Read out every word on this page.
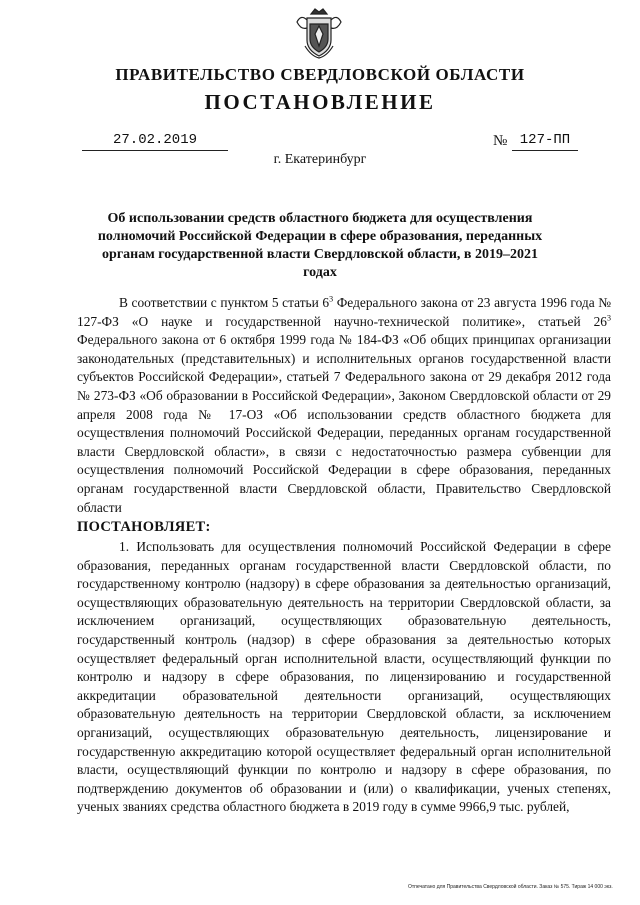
ПРАВИТЕЛЬСТВО СВЕРДЛОВСКОЙ ОБЛАСТИ
ПОСТАНОВЛЕНИЕ
27.02.2019	№ 127-ПП
г. Екатеринбург
Об использовании средств областного бюджета для осуществления полномочий Российской Федерации в сфере образования, переданных органам государственной власти Свердловской области, в 2019–2021 годах
В соответствии с пунктом 5 статьи $6^3$ Федерального закона от 23 августа 1996 года № 127-ФЗ «О науке и государственной научно-технической политике», статьей $26^3$ Федерального закона от 6 октября 1999 года № 184-ФЗ «Об общих принципах организации законодательных (представительных) и исполнительных органов государственной власти субъектов Российской Федерации», статьей 7 Федерального закона от 29 декабря 2012 года № 273-ФЗ «Об образовании в Российской Федерации», Законом Свердловской области от 29 апреля 2008 года № 17-ОЗ «Об использовании средств областного бюджета для осуществления полномочий Российской Федерации, переданных органам государственной власти Свердловской области», в связи с недостаточностью размера субвенции для осуществления полномочий Российской Федерации в сфере образования, переданных органам государственной власти Свердловской области, Правительство Свердловской области
ПОСТАНОВЛЯЕТ:
1. Использовать для осуществления полномочий Российской Федерации в сфере образования, переданных органам государственной власти Свердловской области, по государственному контролю (надзору) в сфере образования за деятельностью организаций, осуществляющих образовательную деятельность на территории Свердловской области, за исключением организаций, осуществляющих образовательную деятельность, государственный контроль (надзор) в сфере образования за деятельностью которых осуществляет федеральный орган исполнительной власти, осуществляющий функции по контролю и надзору в сфере образования, по лицензированию и государственной аккредитации образовательной деятельности организаций, осуществляющих образовательную деятельность на территории Свердловской области, за исключением организаций, осуществляющих образовательную деятельность, лицензирование и государственную аккредитацию которой осуществляет федеральный орган исполнительной власти, осуществляющий функции по контролю и надзору в сфере образования, по подтверждению документов об образовании и (или) о квалификации, ученых степенях, ученых званиях средства областного бюджета в 2019 году в сумме 9966,9 тыс. рублей,
Отпечатано для Правительства Свердловской области. Заказ № 575. Тираж 14 000 экз.
